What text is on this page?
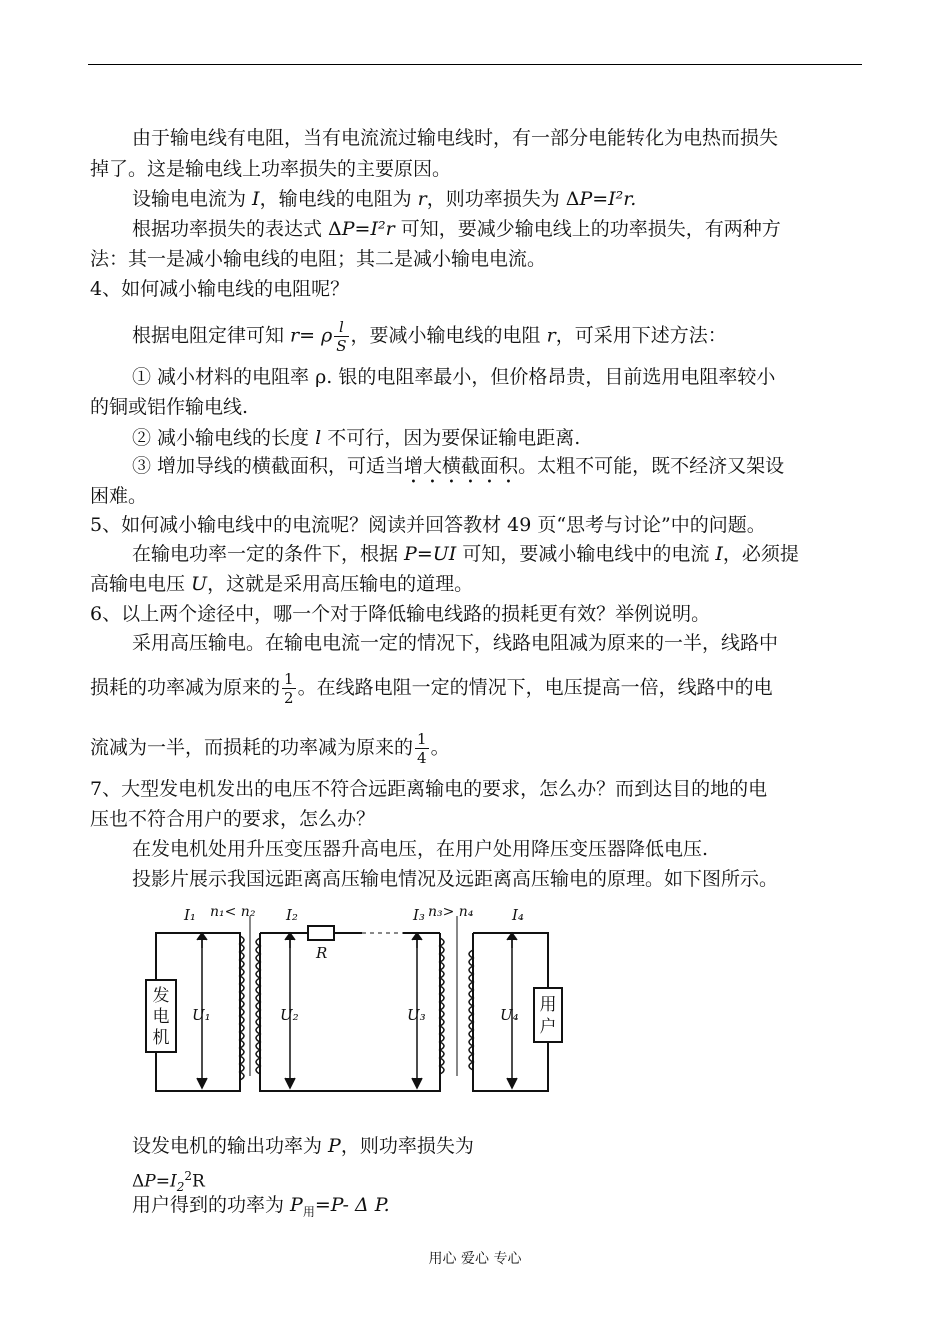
由于输电线有电阻，当有电流流过输电线时，有一部分电能转化为电热而损失
掉了。这是输电线上功率损失的主要原因。
设输电电流为 I，输电线的电阻为 r，则功率损失为 ΔP=I²r.
根据功率损失的表达式 ΔP=I²r 可知，要减少输电线上的功率损失，有两种方
法：其一是减小输电线的电阻；其二是减小输电电流。
4、如何减小输电线的电阻呢？
根据电阻定律可知 r= ρ $\frac{l}{S}$ ，要减小输电线的电阻 r，可采用下述方法：
① 减小材料的电阻率 ρ. 银的电阻率最小，但价格昂贵，目前选用电阻率较小
的铜或铝作输电线.
② 减小输电线的长度 l 不可行，因为要保证输电距离.
③ 增加导线的横截面积，可适当增大横截面积。太粗不可能，既不经济又架设
困难。
5、如何减小输电线中的电流呢？阅读并回答教材 49 页“思考与讨论”中的问题。
在输电功率一定的条件下，根据 P=UI 可知，要减小输电线中的电流 I，必须提
高输电电压 U，这就是采用高压输电的道理。
6、以上两个途径中，哪一个对于降低输电线路的损耗更有效？举例说明。
采用高压输电。在输电电流一定的情况下，线路电阻减为原来的一半，线路中
损耗的功率减为原来的 $\frac{1}{2}$ 。在线路电阻一定的情况下，电压提高一倍，线路中的电
流减为一半，而损耗的功率减为原来的 $\frac{1}{4}$ 。
7、大型发电机发出的电压不符合远距离输电的要求，怎么办？而到达目的地的电
压也不符合用户的要求，怎么办？
在发电机处用升压变压器升高电压，在用户处用降压变压器降低电压.
投影片展示我国远距离高压输电情况及远距离高压输电的原理。如下图所示。
发
电
机
用
户
I₁ n₁< n₂ I₂
R
I₃ n₃> n₄	I₄
U₁	U₂	U₃	U₄
设发电机的输出功率为 P，则功率损失为
$\Delta P=I_2^2R$
用户得到的功率为 $P_用=P-$ Δ P.
用心 爱心 专心
